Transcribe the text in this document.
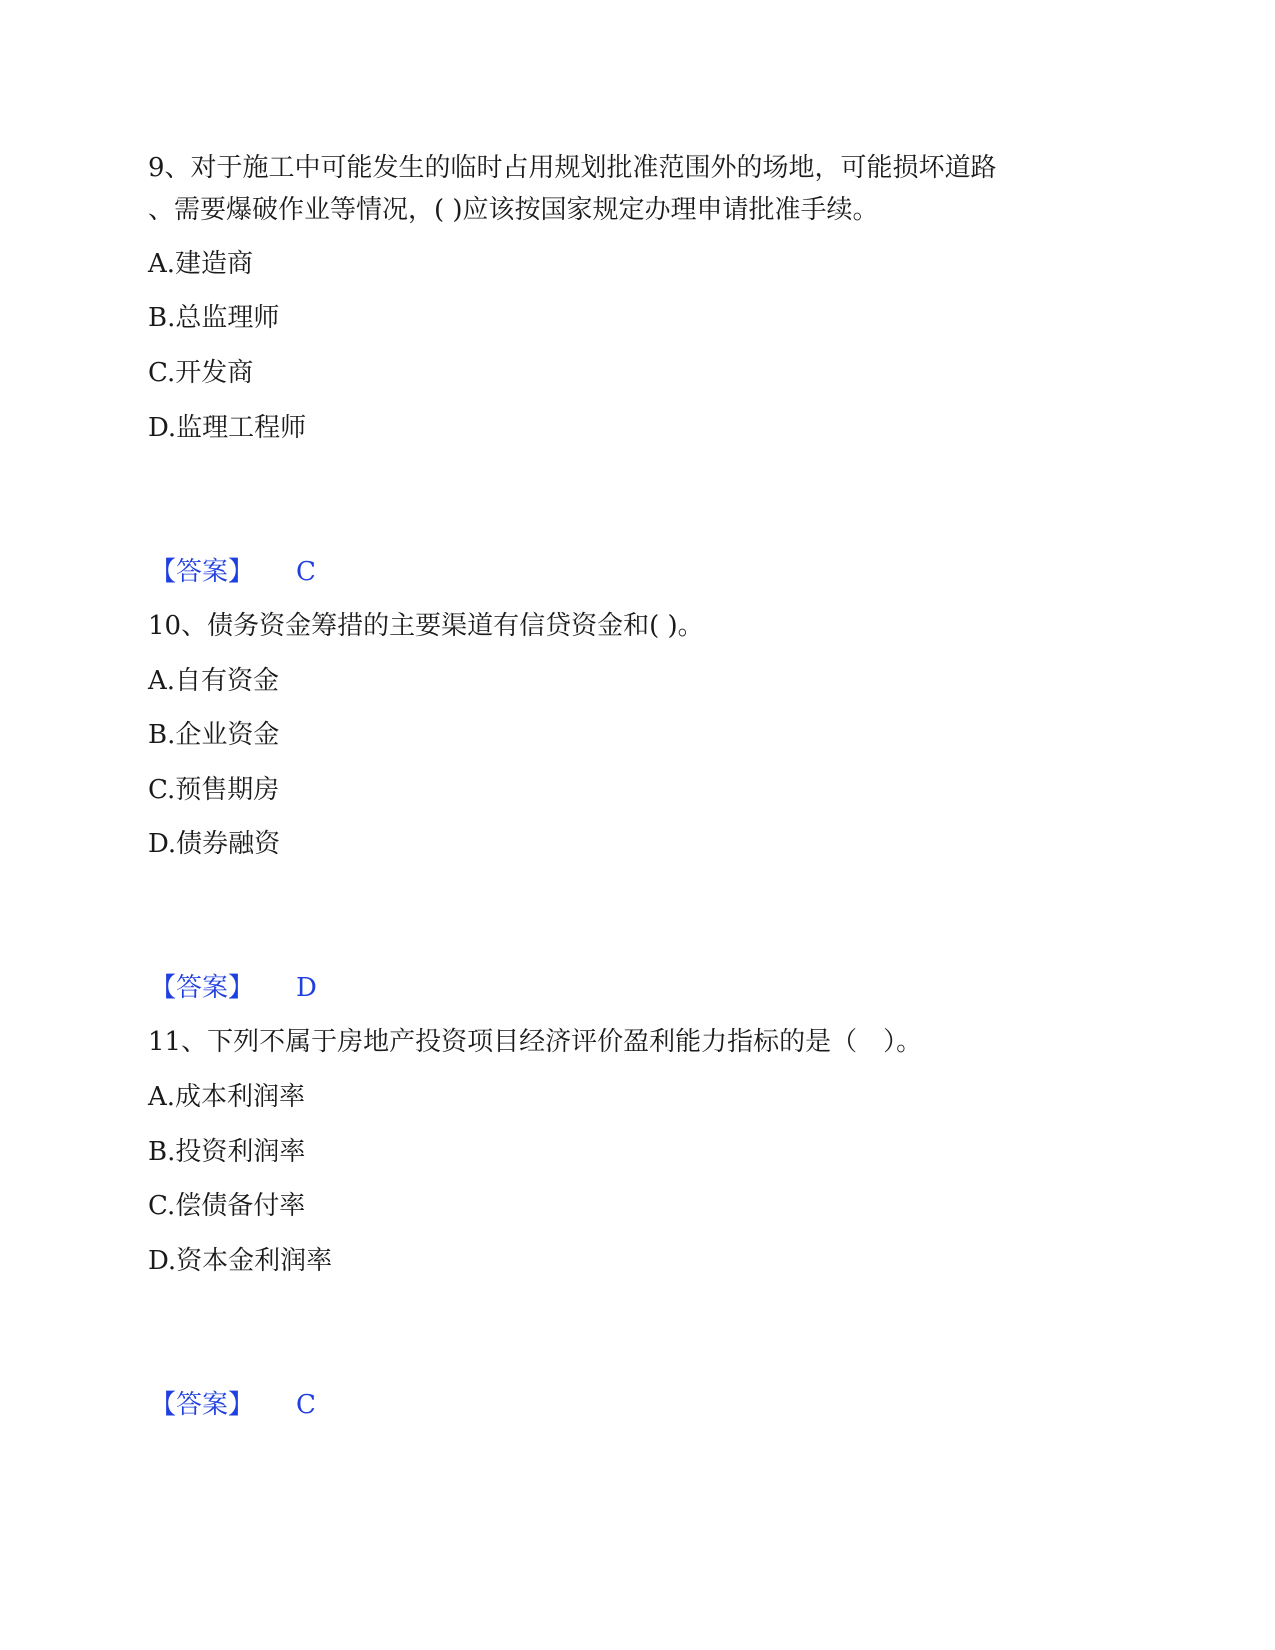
9、对于施工中可能发生的临时占用规划批准范围外的场地，可能损坏道路
、需要爆破作业等情况，( )应该按国家规定办理申请批准手续。
A.建造商
B.总监理师
C.开发商
D.监理工程师
【答案】 C
10、债务资金筹措的主要渠道有信贷资金和( )。
A.自有资金
B.企业资金
C.预售期房
D.债券融资
【答案】 D
11、下列不属于房地产投资项目经济评价盈利能力指标的是（　）。
A.成本利润率
B.投资利润率
C.偿债备付率
D.资本金利润率
【答案】 C
